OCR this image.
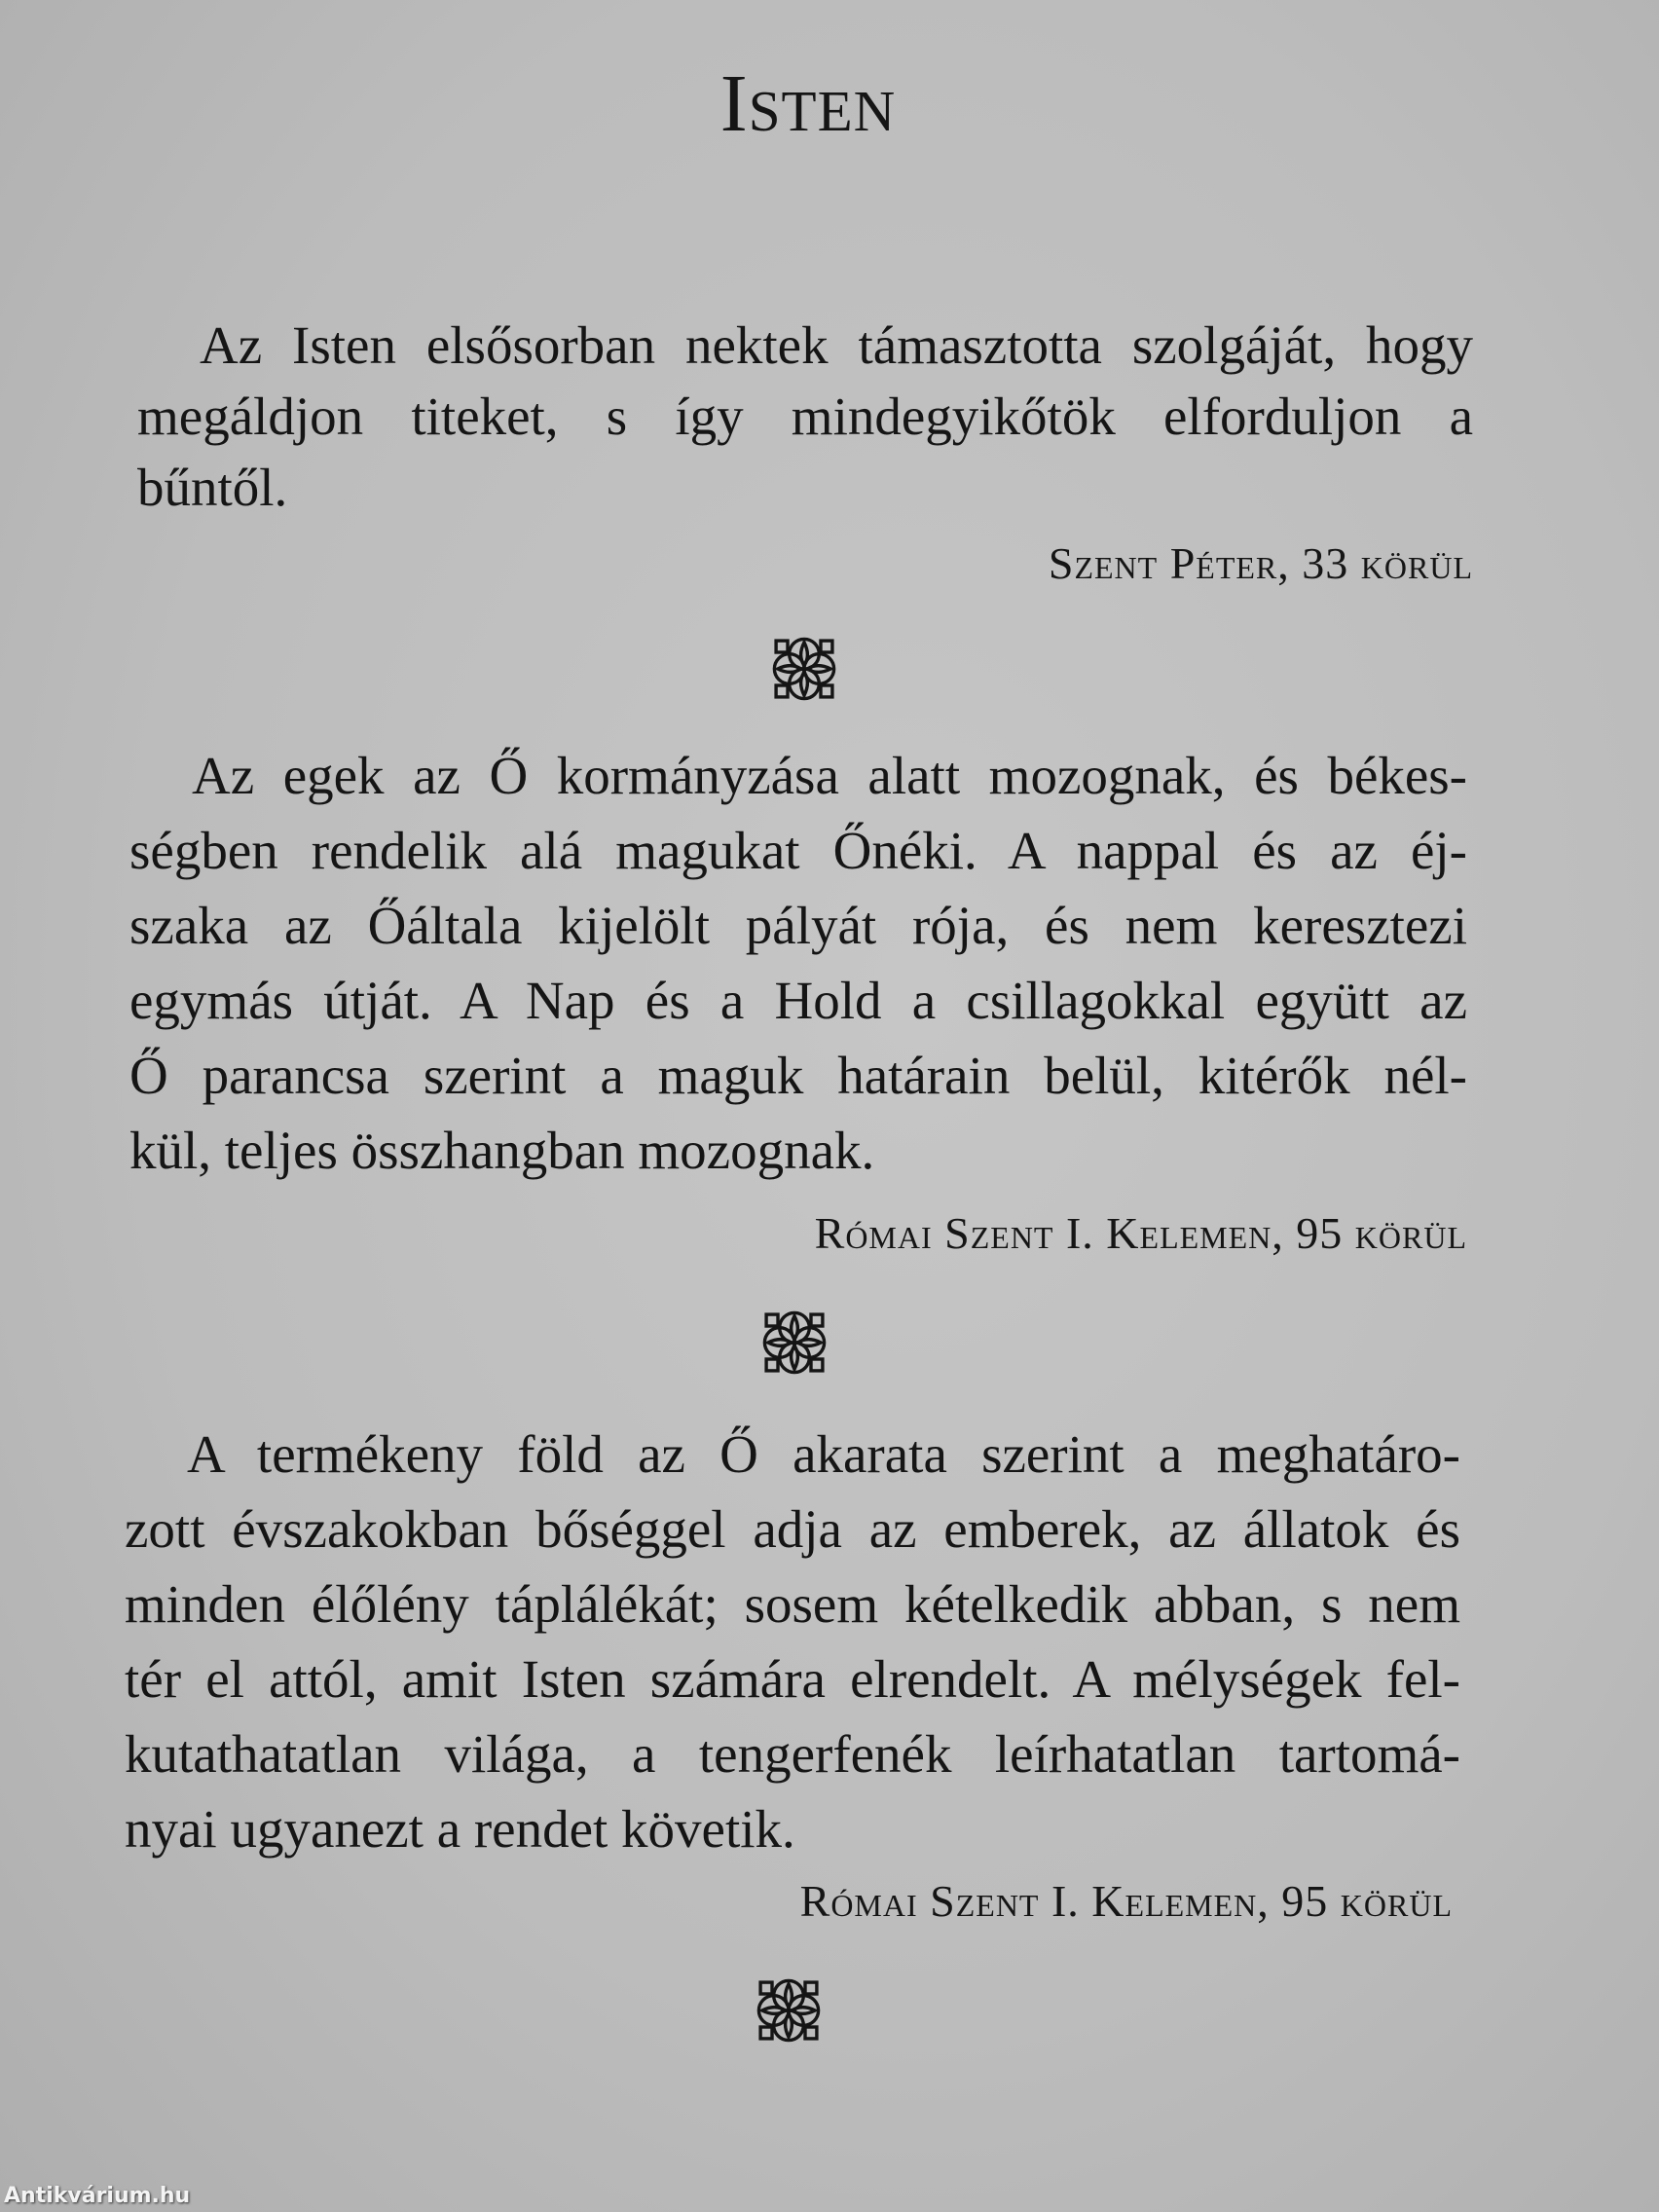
Isten
Az Isten elsősorban nektek támasztotta szolgáját, hogy
megáldjon titeket, s így mindegyikőtök elforduljon a
bűntől.
Szent Péter, 33 körül
Az egek az Ő kormányzása alatt mozognak, és békes-
ségben rendelik alá magukat Őnéki. A nappal és az éj-
szaka az Őáltala kijelölt pályát rója, és nem keresztezi
egymás útját. A Nap és a Hold a csillagokkal együtt az
Ő parancsa szerint a maguk határain belül, kitérők nél-
kül, teljes összhangban mozognak.
Római Szent I. Kelemen, 95 körül
A termékeny föld az Ő akarata szerint a meghatáro-
zott évszakokban bőséggel adja az emberek, az állatok és
minden élőlény táplálékát; sosem kételkedik abban, s nem
tér el attól, amit Isten számára elrendelt. A mélységek fel-
kutathatatlan világa, a tengerfenék leírhatatlan tartomá-
nyai ugyanezt a rendet követik.
Római Szent I. Kelemen, 95 körül
Antikvárium.hu
